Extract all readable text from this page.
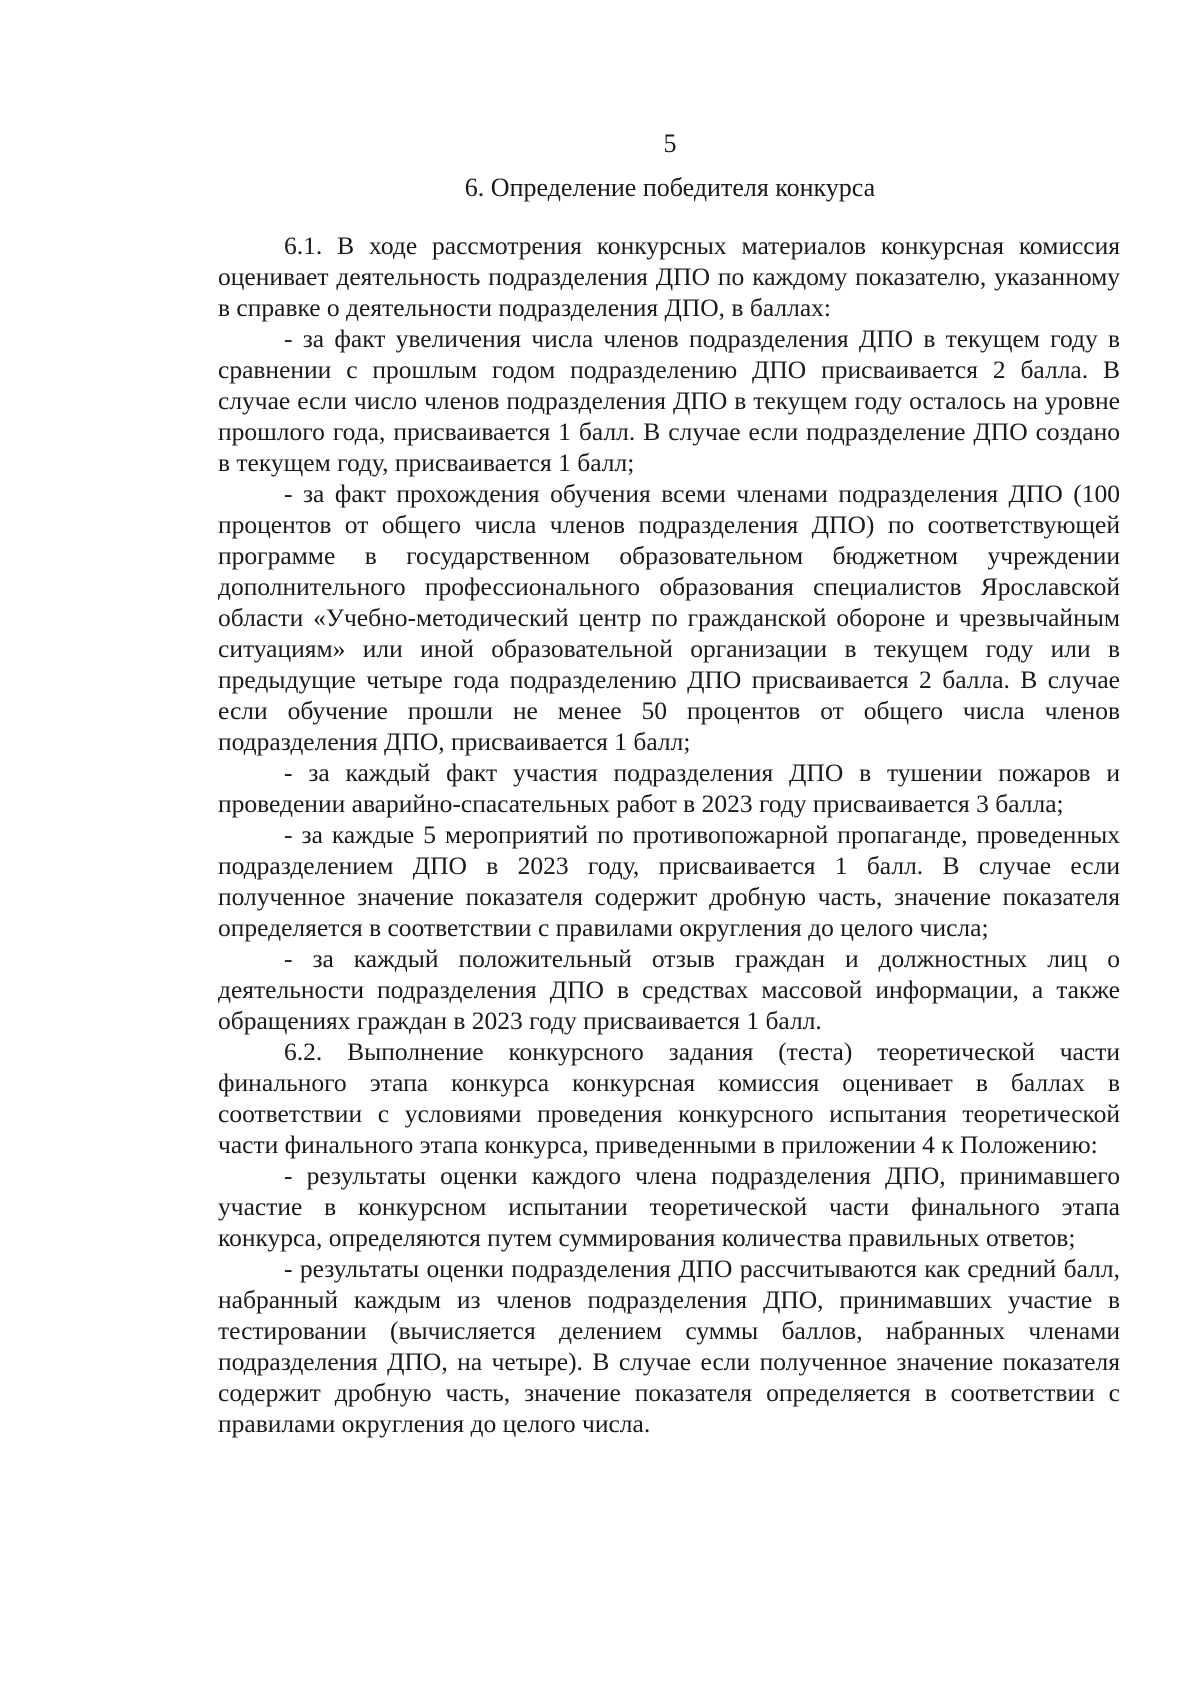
5
6. Определение победителя конкурса

6.1. В ходе рассмотрения конкурсных материалов конкурсная комиссия оценивает деятельность подразделения ДПО по каждому показателю, указанному в справке о деятельности подразделения ДПО, в баллах:

- за факт увеличения числа членов подразделения ДПО в текущем году в сравнении с прошлым годом подразделению ДПО присваивается 2 балла. В случае если число членов подразделения ДПО в текущем году осталось на уровне прошлого года, присваивается 1 балл. В случае если подразделение ДПО создано в текущем году, присваивается 1 балл;

- за факт прохождения обучения всеми членами подразделения ДПО (100 процентов от общего числа членов подразделения ДПО) по соответствующей программе в государственном образовательном бюджетном учреждении дополнительного профессионального образования специалистов Ярославской области «Учебно-методический центр по гражданской обороне и чрезвычайным ситуациям» или иной образовательной организации в текущем году или в предыдущие четыре года подразделению ДПО присваивается 2 балла. В случае если обучение прошли не менее 50 процентов от общего числа членов подразделения ДПО, присваивается 1 балл;

- за каждый факт участия подразделения ДПО в тушении пожаров и проведении аварийно-спасательных работ в 2023 году присваивается 3 балла;

- за каждые 5 мероприятий по противопожарной пропаганде, проведенных подразделением ДПО в 2023 году, присваивается 1 балл. В случае если полученное значение показателя содержит дробную часть, значение показателя определяется в соответствии с правилами округления до целого числа;

- за каждый положительный отзыв граждан и должностных лиц о деятельности подразделения ДПО в средствах массовой информации, а также обращениях граждан в 2023 году присваивается 1 балл.

6.2. Выполнение конкурсного задания (теста) теоретической части финального этапа конкурса конкурсная комиссия оценивает в баллах в соответствии с условиями проведения конкурсного испытания теоретической части финального этапа конкурса, приведенными в приложении 4 к Положению:

- результаты оценки каждого члена подразделения ДПО, принимавшего участие в конкурсном испытании теоретической части финального этапа конкурса, определяются путем суммирования количества правильных ответов;

- результаты оценки подразделения ДПО рассчитываются как средний балл, набранный каждым из членов подразделения ДПО, принимавших участие в тестировании (вычисляется делением суммы баллов, набранных членами подразделения ДПО, на четыре). В случае если полученное значение показателя содержит дробную часть, значение показателя определяется в соответствии с правилами округления до целого числа.
